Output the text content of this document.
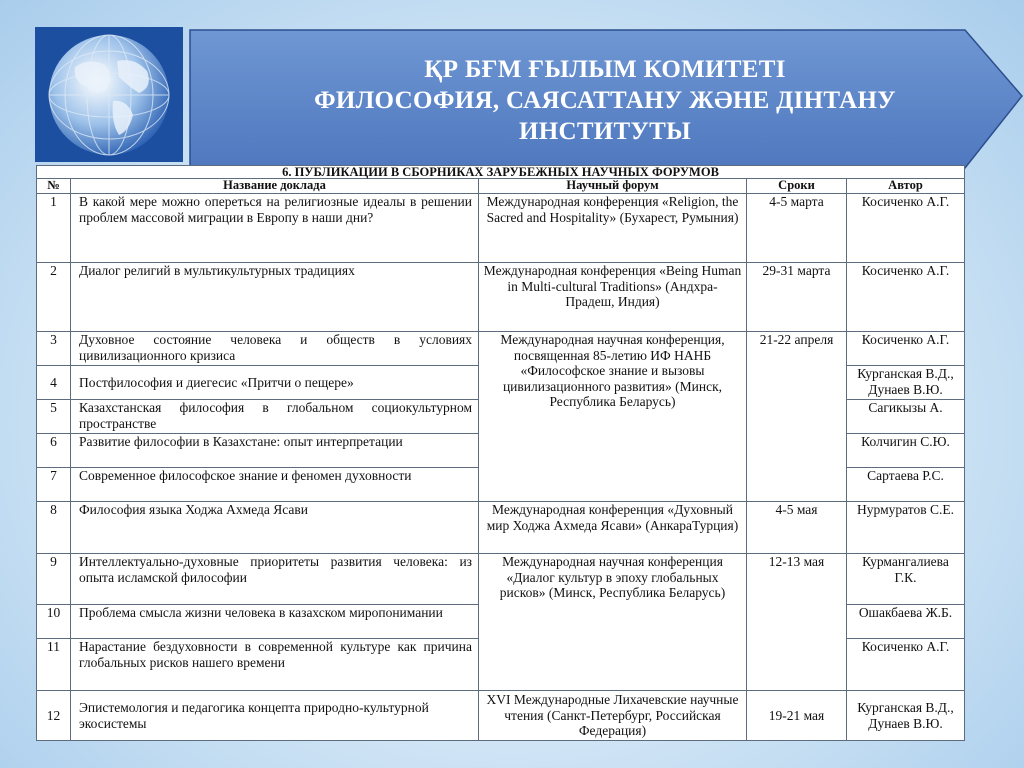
ҚР БҒМ ҒЫЛЫМ КОМИТЕТІ
ФИЛОСОФИЯ, САЯСАТТАНУ ЖӘНЕ ДІНТАНУ
ИНСТИТУТЫ
6. ПУБЛИКАЦИИ В СБОРНИКАХ ЗАРУБЕЖНЫХ НАУЧНЫХ ФОРУМОВ				
№	Название доклада	Научный форум	Сроки	Автор
1	В какой мере можно опереться на религиозные идеалы в решении проблем массовой миграции в Европу в наши дни?	Международная конференция «Religion, the Sacred and Hospitality» (Бухарест, Румыния)	4-5 марта	Косиченко А.Г.
2	Диалог религий в мультикультурных традициях	Международная конференция «Being Human in Multi-cultural Traditions» (Андхра-Прадеш, Индия)	29-31 марта	Косиченко А.Г.
3	Духовное состояние человека и обществ в условиях цивилизационного кризиса	Международная научная конференция, посвященная 85-летию ИФ НАНБ «Философское знание и вызовы цивилизационного развития» (Минск, Республика Беларусь)	21-22 апреля	Косиченко А.Г.
4	Постфилософия и диегесис «Притчи о пещере»			Курганская В.Д., Дунаев В.Ю.
5	Казахстанская философия в глобальном социокультурном пространстве			Сагикызы А.
6	Развитие философии в Казахстане: опыт интерпретации			Колчигин С.Ю.
7	Современное философское знание и феномен духовности			Сартаева Р.С.
8	Философия языка Ходжа Ахмеда Ясави	Международная конференция «Духовный мир Ходжа Ахмеда Ясави» (АнкараТурция)	4-5 мая	Нурмуратов С.Е.
9	Интеллектуально-духовные приоритеты развития человека: из опыта исламской философии	Международная научная конференция «Диалог культур в эпоху глобальных рисков» (Минск, Республика Беларусь)	12-13 мая	Курмангалиева Г.К.
10	Проблема смысла жизни человека в казахском миропонимании			Ошакбаева Ж.Б.
11	Нарастание бездуховности в современной культуре как причина глобальных рисков нашего времени			Косиченко А.Г.
12	Эпистемология и педагогика концепта природно-культурной экосистемы	XVI Международные Лихачевские научные чтения (Санкт-Петербург, Российская Федерация)	19-21 мая	Курганская В.Д., Дунаев В.Ю.
